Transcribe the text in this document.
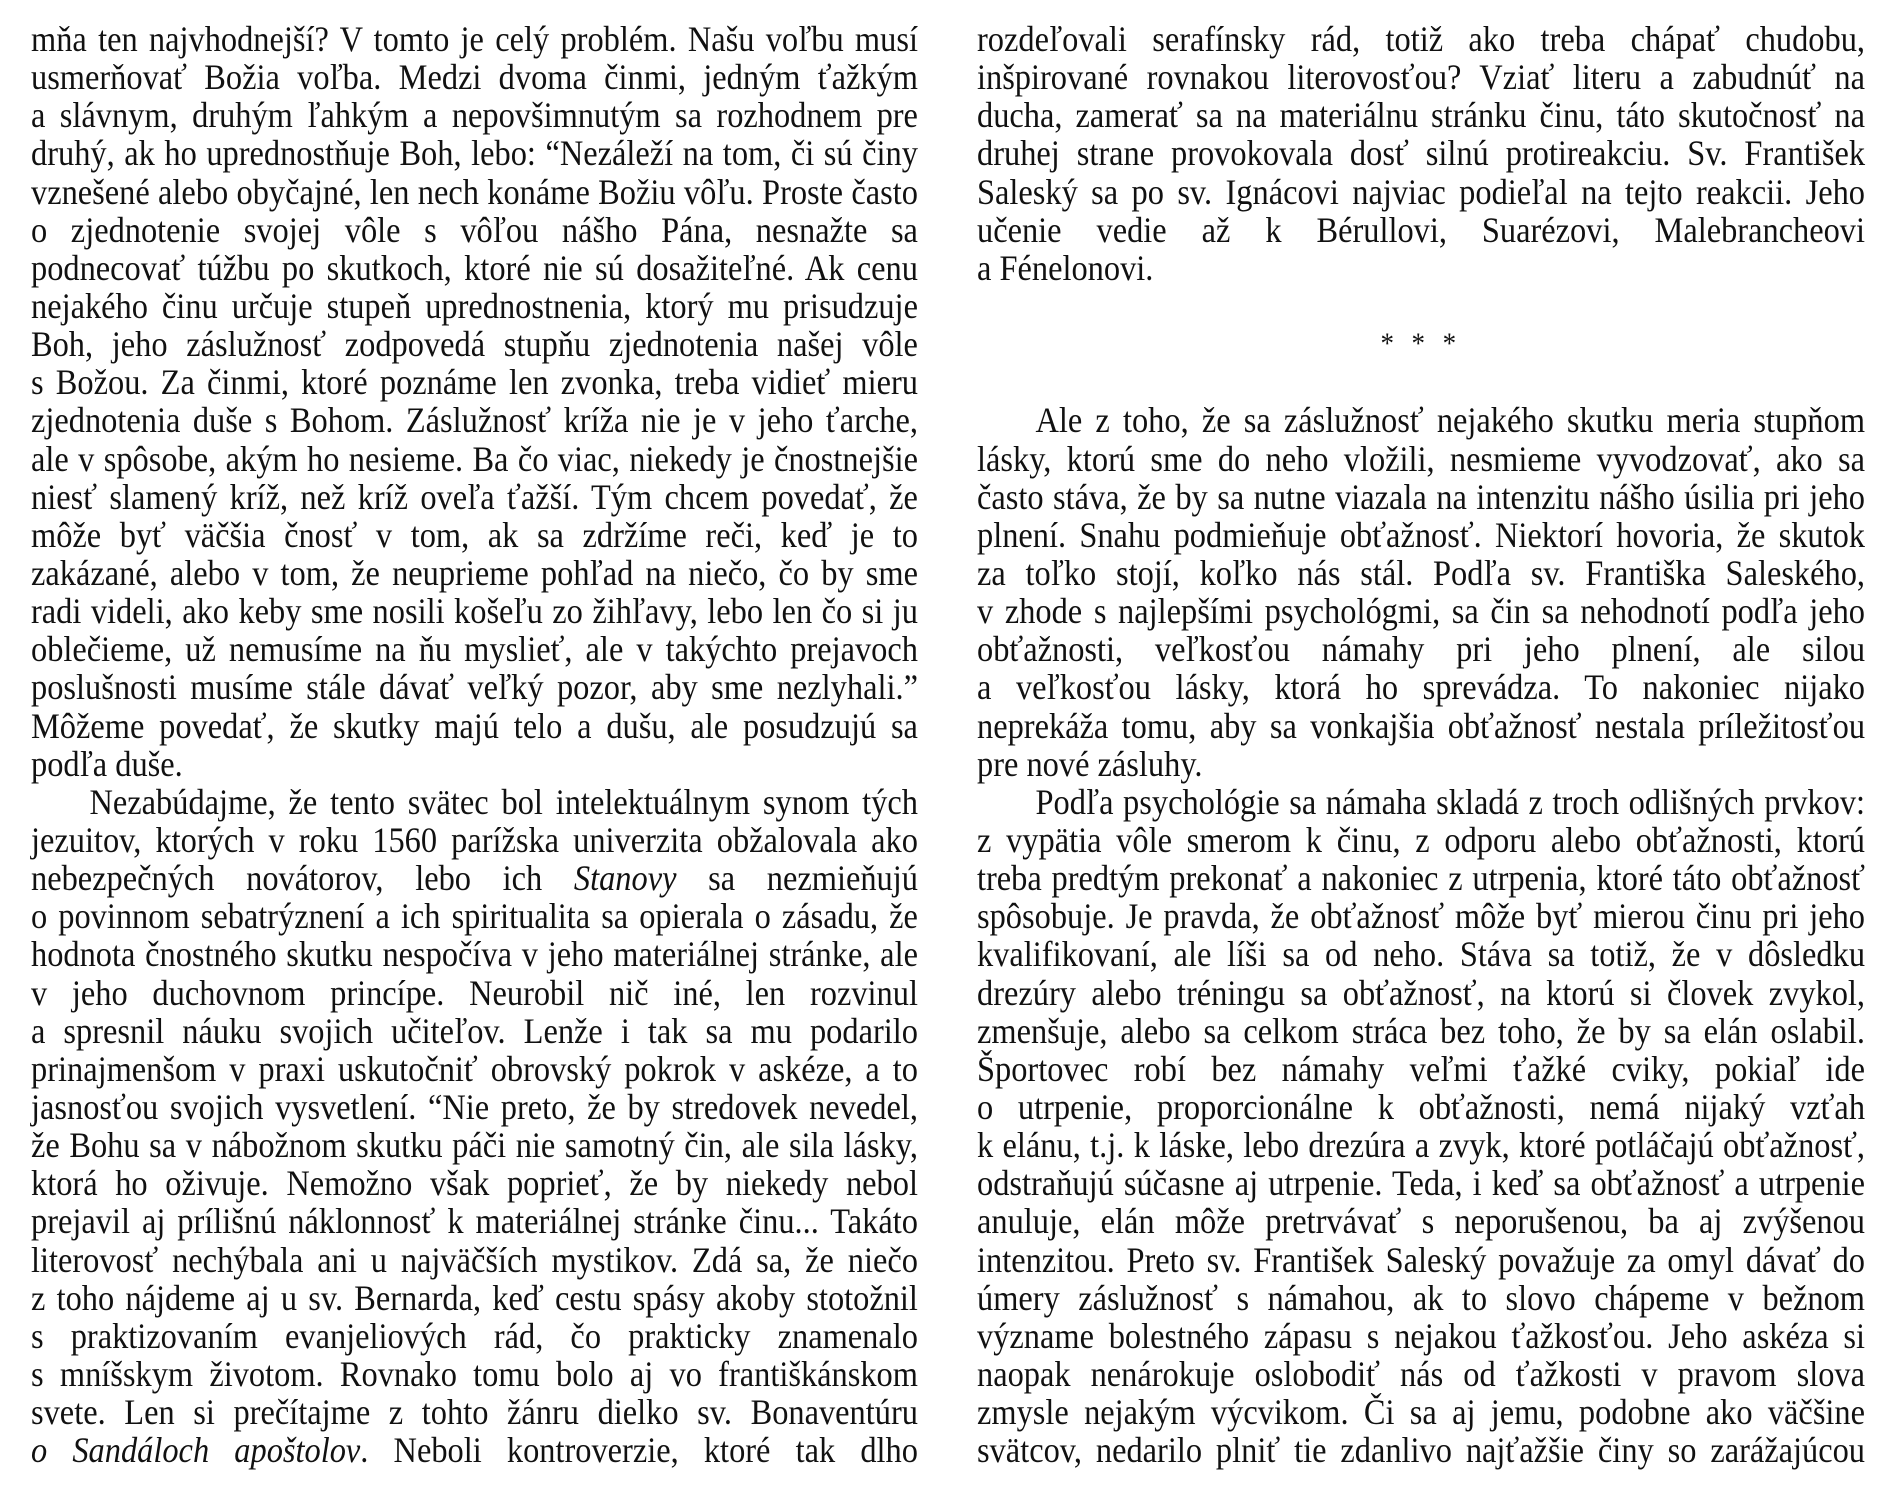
mňa ten najvhodnejší? V tomto je celý problém. Našu voľbu musí
usmerňovať Božia voľba. Medzi dvoma činmi, jedným ťažkým
a slávnym, druhým ľahkým a nepovšimnutým sa rozhodnem pre
druhý, ak ho uprednostňuje Boh, lebo: “Nezáleží na tom, či sú činy
vznešené alebo obyčajné, len nech konáme Božiu vôľu. Proste často
o zjednotenie svojej vôle s vôľou nášho Pána, nesnažte sa
podnecovať túžbu po skutkoch, ktoré nie sú dosažiteľné. Ak cenu
nejakého činu určuje stupeň uprednostnenia, ktorý mu prisudzuje
Boh, jeho záslužnosť zodpovedá stupňu zjednotenia našej vôle
s Božou. Za činmi, ktoré poznáme len zvonka, treba vidieť mieru
zjednotenia duše s Bohom. Záslužnosť kríža nie je v jeho ťarche,
ale v spôsobe, akým ho nesieme. Ba čo viac, niekedy je čnostnejšie
niesť slamený kríž, než kríž oveľa ťažší. Tým chcem povedať, že
môže byť väčšia čnosť v tom, ak sa zdržíme reči, keď je to
zakázané, alebo v tom, že neuprieme pohľad na niečo, čo by sme
radi videli, ako keby sme nosili košeľu zo žihľavy, lebo len čo si ju
oblečieme, už nemusíme na ňu myslieť, ale v takýchto prejavoch
poslušnosti musíme stále dávať veľký pozor, aby sme nezlyhali.”
Môžeme povedať, že skutky majú telo a dušu, ale posudzujú sa
podľa duše.
Nezabúdajme, že tento svätec bol intelektuálnym synom tých
jezuitov, ktorých v roku 1560 parížska univerzita obžalovala ako
nebezpečných novátorov, lebo ich Stanovy sa nezmieňujú
o povinnom sebatrýznení a ich spiritualita sa opierala o zásadu, že
hodnota čnostného skutku nespočíva v jeho materiálnej stránke, ale
v jeho duchovnom princípe. Neurobil nič iné, len rozvinul
a spresnil náuku svojich učiteľov. Lenže i tak sa mu podarilo
prinajmenšom v praxi uskutočniť obrovský pokrok v askéze, a to
jasnosťou svojich vysvetlení. “Nie preto, že by stredovek nevedel,
že Bohu sa v nábožnom skutku páči nie samotný čin, ale sila lásky,
ktorá ho oživuje. Nemožno však poprieť, že by niekedy nebol
prejavil aj prílišnú náklonnosť k materiálnej stránke činu... Takáto
literovosť nechýbala ani u najväčších mystikov. Zdá sa, že niečo
z toho nájdeme aj u sv. Bernarda, keď cestu spásy akoby stotožnil
s praktizovaním evanjeliových rád, čo prakticky znamenalo
s mníšskym životom. Rovnako tomu bolo aj vo františkánskom
svete. Len si prečítajme z tohto žánru dielko sv. Bonaventúru
o Sandáloch apoštolov. Neboli kontroverzie, ktoré tak dlho
rozdeľovali serafínsky rád, totiž ako treba chápať chudobu,
inšpirované rovnakou literovosťou? Vziať literu a zabudnúť na
ducha, zamerať sa na materiálnu stránku činu, táto skutočnosť na
druhej strane provokovala dosť silnú protireakciu. Sv. František
Saleský sa po sv. Ignácovi najviac podieľal na tejto reakcii. Jeho
učenie vedie až k Bérullovi, Suarézovi, Malebrancheovi
a Fénelonovi.
* * *
Ale z toho, že sa záslužnosť nejakého skutku meria stupňom
lásky, ktorú sme do neho vložili, nesmieme vyvodzovať, ako sa
často stáva, že by sa nutne viazala na intenzitu nášho úsilia pri jeho
plnení. Snahu podmieňuje obťažnosť. Niektorí hovoria, že skutok
za toľko stojí, koľko nás stál. Podľa sv. Františka Saleského,
v zhode s najlepšími psychológmi, sa čin sa nehodnotí podľa jeho
obťažnosti, veľkosťou námahy pri jeho plnení, ale silou
a veľkosťou lásky, ktorá ho sprevádza. To nakoniec nijako
neprekáža tomu, aby sa vonkajšia obťažnosť nestala príležitosťou
pre nové zásluhy.
Podľa psychológie sa námaha skladá z troch odlišných prvkov:
z vypätia vôle smerom k činu, z odporu alebo obťažnosti, ktorú
treba predtým prekonať a nakoniec z utrpenia, ktoré táto obťažnosť
spôsobuje. Je pravda, že obťažnosť môže byť mierou činu pri jeho
kvalifikovaní, ale líši sa od neho. Stáva sa totiž, že v dôsledku
drezúry alebo tréningu sa obťažnosť, na ktorú si človek zvykol,
zmenšuje, alebo sa celkom stráca bez toho, že by sa elán oslabil.
Športovec robí bez námahy veľmi ťažké cviky, pokiaľ ide
o utrpenie, proporcionálne k obťažnosti, nemá nijaký vzťah
k elánu, t.j. k láske, lebo drezúra a zvyk, ktoré potláčajú obťažnosť,
odstraňujú súčasne aj utrpenie. Teda, i keď sa obťažnosť a utrpenie
anuluje, elán môže pretrvávať s neporušenou, ba aj zvýšenou
intenzitou. Preto sv. František Saleský považuje za omyl dávať do
úmery záslužnosť s námahou, ak to slovo chápeme v bežnom
význame bolestného zápasu s nejakou ťažkosťou. Jeho askéza si
naopak nenárokuje oslobodiť nás od ťažkosti v pravom slova
zmysle nejakým výcvikom. Či sa aj jemu, podobne ako väčšine
svätcov, nedarilo plniť tie zdanlivo najťažšie činy so zarážajúcou
